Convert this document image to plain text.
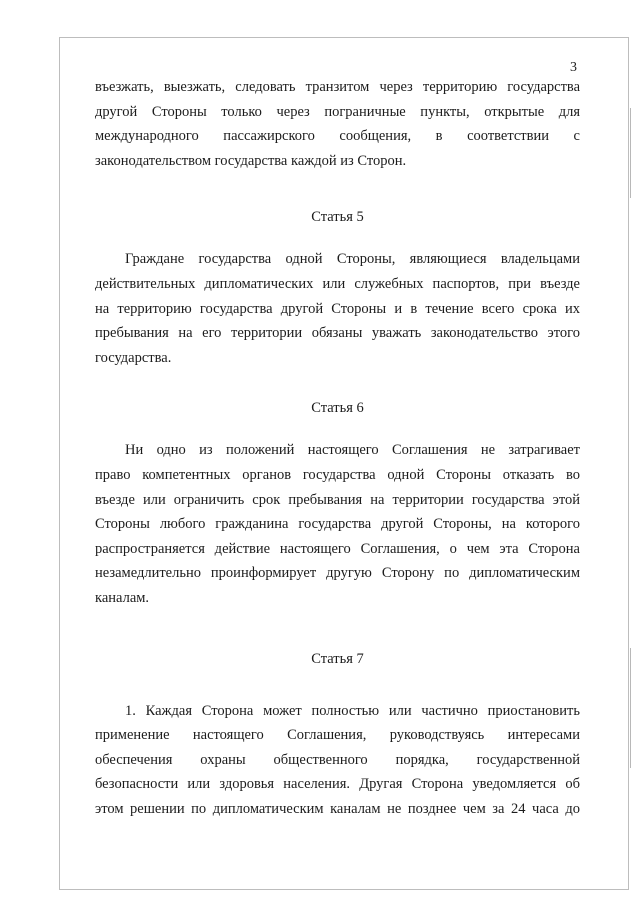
3
въезжать, выезжать, следовать транзитом через территорию государства
другой Стороны только через пограничные пункты, открытые для
международного пассажирского сообщения, в соответствии с
законодательством государства каждой из Сторон.
Статья 5
Граждане государства одной Стороны, являющиеся владельцами
действительных дипломатических или служебных паспортов, при въезде
на территорию государства другой Стороны и в течение всего срока их
пребывания на его территории обязаны уважать законодательство этого
государства.
Статья 6
Ни одно из положений настоящего Соглашения не затрагивает
право компетентных органов государства одной Стороны отказать во
въезде или ограничить срок пребывания на территории государства этой
Стороны любого гражданина государства другой Стороны, на которого
распространяется действие настоящего Соглашения, о чем эта Сторона
незамедлительно проинформирует другую Сторону по дипломатическим
каналам.
Статья 7
1. Каждая Сторона может полностью или частично приостановить
применение настоящего Соглашения, руководствуясь интересами
обеспечения охраны общественного порядка, государственной
безопасности или здоровья населения. Другая Сторона уведомляется об
этом решении по дипломатическим каналам не позднее чем за 24 часа до
